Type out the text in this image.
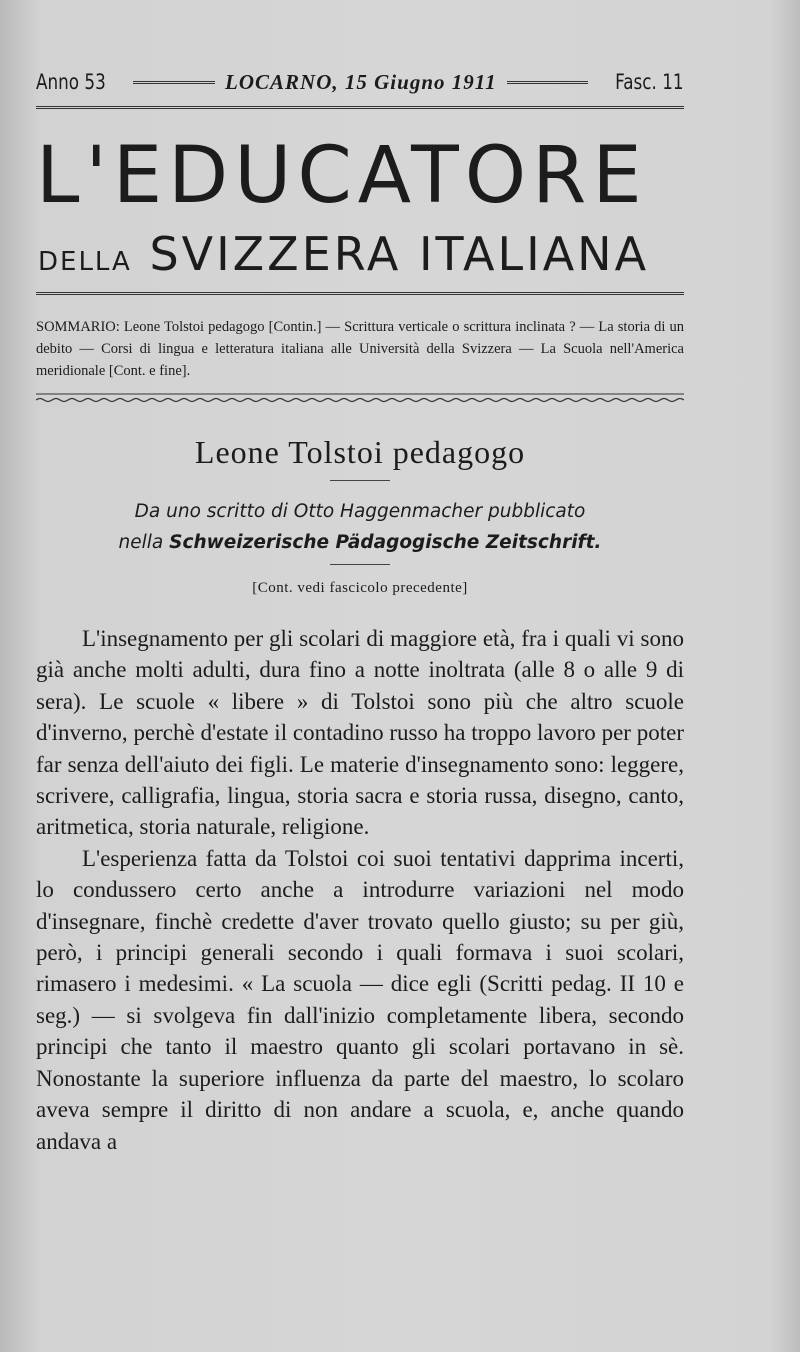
Anno 53	LOCARNO, 15 Giugno 1911	Fasc. 11
L'EDUCATORE
DELLA SVIZZERA ITALIANA
SOMMARIO: Leone Tolstoi pedagogo [Contin.] — Scrittura verticale o scrittura inclinata ? — La storia di un debito — Corsi di lingua e letteratura italiana alle Università della Svizzera — La Scuola nell'America meridionale [Cont. e fine].
Leone Tolstoi pedagogo
Da uno scritto di Otto Haggenmacher pubblicato
nella Schweizerische Pädagogische Zeitschrift.
[Cont. vedi fascicolo precedente]

L'insegnamento per gli scolari di maggiore età, fra i quali vi sono già anche molti adulti, dura fino a notte inoltrata (alle 8 o alle 9 di sera). Le scuole « libere » di Tolstoi sono più che altro scuole d'inverno, perchè d'estate il contadino russo ha troppo lavoro per poter far senza dell'aiuto dei figli. Le materie d'insegnamento sono: leggere, scrivere, calligrafia, lingua, storia sacra e storia russa, disegno, canto, aritmetica, storia naturale, religione.

L'esperienza fatta da Tolstoi coi suoi tentativi dapprima incerti, lo condussero certo anche a introdurre variazioni nel modo d'insegnare, finchè credette d'aver trovato quello giusto; su per giù, però, i principi generali secondo i quali formava i suoi scolari, rimasero i medesimi. « La scuola — dice egli (Scritti pedag. II 10 e seg.) — si svolgeva fin dall'inizio completamente libera, secondo principi che tanto il maestro quanto gli scolari portavano in sè. Nonostante la superiore influenza da parte del maestro, lo scolaro aveva sempre il diritto di non andare a scuola, e, anche quando andava a
